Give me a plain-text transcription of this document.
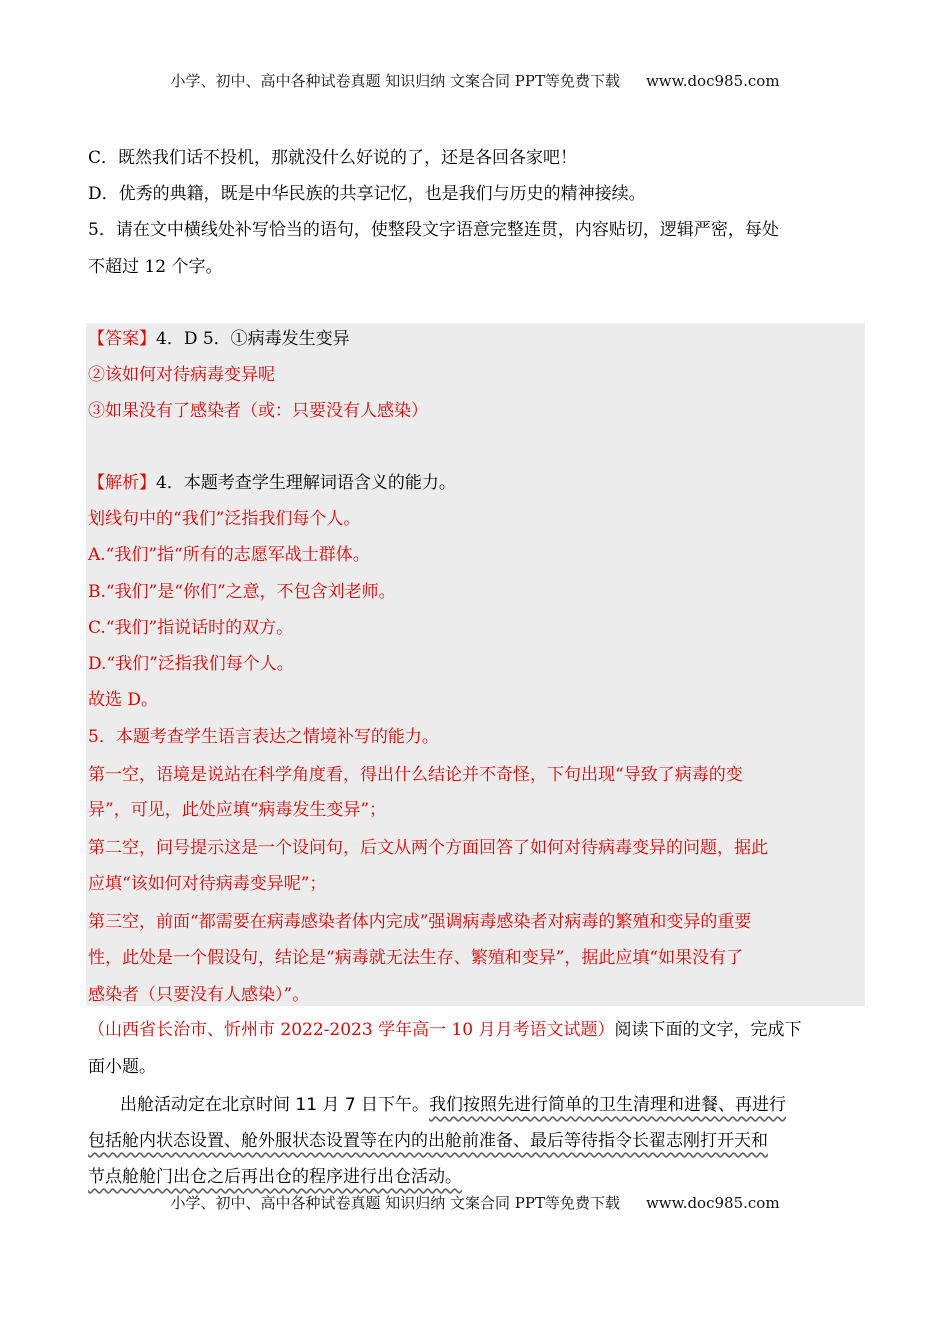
小学、初中、高中各种试卷真题 知识归纳 文案合同 PPT等免费下载 www.doc985.com
C．既然我们话不投机，那就没什么好说的了，还是各回各家吧！
D．优秀的典籍，既是中华民族的共享记忆，也是我们与历史的精神接续。
5．请在文中横线处补写恰当的语句，使整段文字语意完整连贯，内容贴切，逻辑严密，每处
不超过 12 个字。
【答案】4．D 5．①病毒发生变异
②该如何对待病毒变异呢
③如果没有了感染者（或：只要没有人感染）
【解析】4．本题考查学生理解词语含义的能力。
划线句中的“我们”泛指我们每个人。
A.“我们”指“所有的志愿军战士群体。
B.“我们”是“你们”之意，不包含刘老师。
C.“我们”指说话时的双方。
D.“我们”泛指我们每个人。
故选 D。
5．本题考查学生语言表达之情境补写的能力。
第一空，语境是说站在科学角度看，得出什么结论并不奇怪，下句出现“导致了病毒的变
异”，可见，此处应填“病毒发生变异”；
第二空，问号提示这是一个设问句，后文从两个方面回答了如何对待病毒变异的问题，据此
应填“该如何对待病毒变异呢”；
第三空，前面“都需要在病毒感染者体内完成”强调病毒感染者对病毒的繁殖和变异的重要
性，此处是一个假设句，结论是“病毒就无法生存、繁殖和变异”，据此应填“如果没有了
感染者（只要没有人感染）”。
（山西省长治市、忻州市 2022-2023 学年高一 10 月月考语文试题）阅读下面的文字，完成下
面小题。
出舱活动定在北京时间 11 月 7 日下午。我们按照先进行简单的卫生清理和进餐、再进行
包括舱内状态设置、舱外服状态设置等在内的出舱前准备、最后等待指令长翟志刚打开天和
节点舱舱门出仓之后再出仓的程序进行出仓活动。
小学、初中、高中各种试卷真题 知识归纳 文案合同 PPT等免费下载 www.doc985.com
